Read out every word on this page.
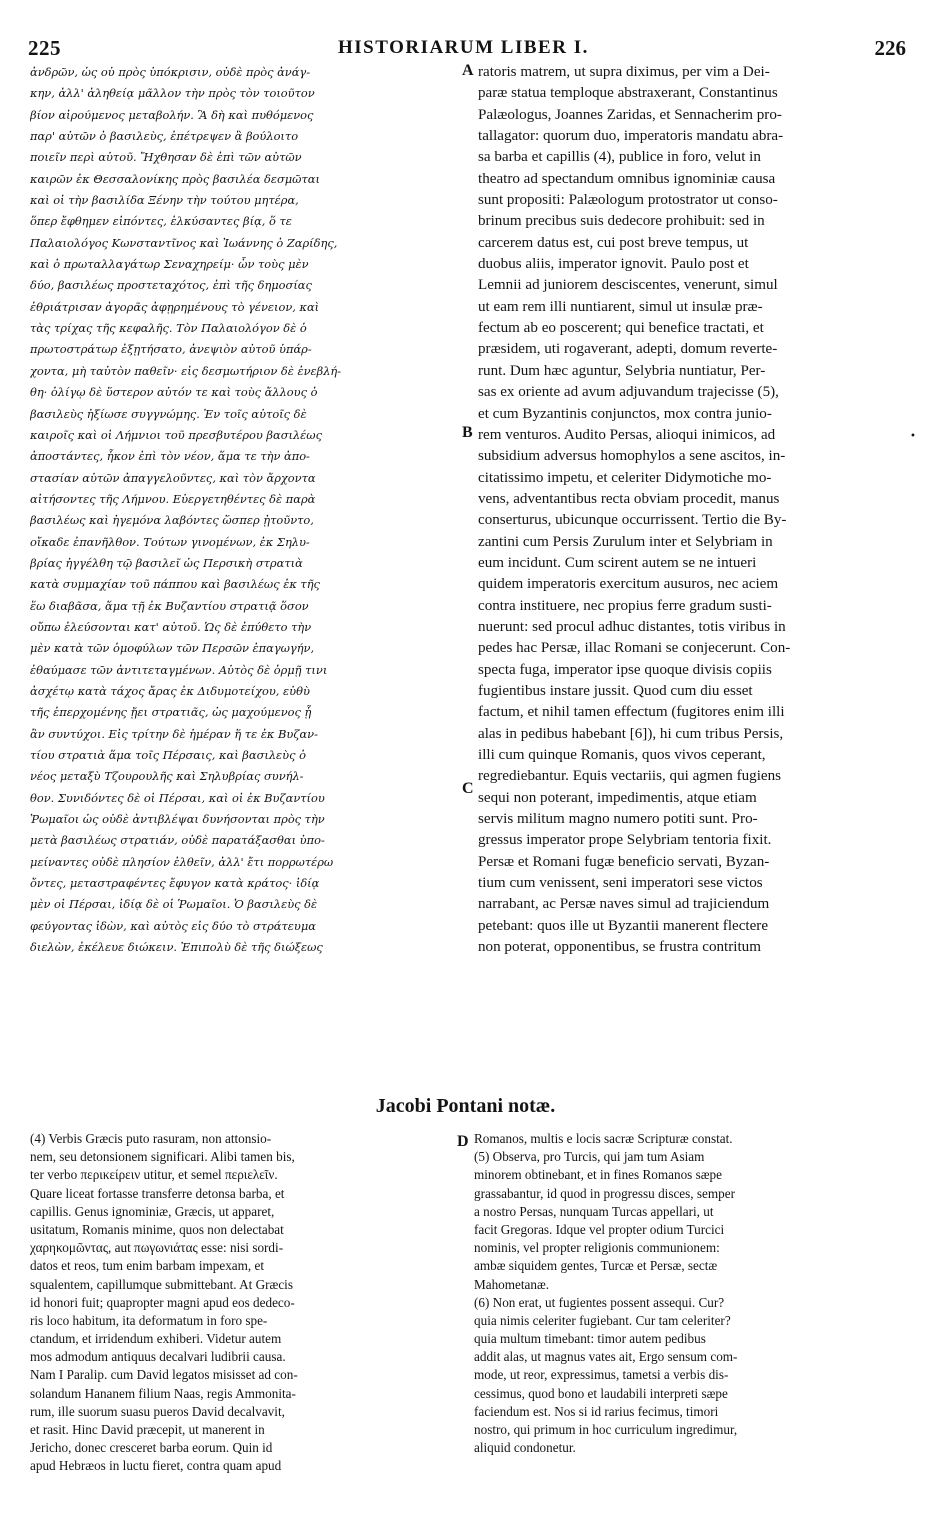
225	HISTORIARUM LIBER I.	226
ἀνδρῶν, ὡς οὐ πρὸς ὑπόκρισιν, οὐδὲ πρὸς ἀνάγ-
κην, ἀλλ' ἀληθείᾳ μᾶλλον τὴν πρὸς τὸν τοιοῦτον
βίον αἱρούμενος μεταβολήν. Ἃ δὴ καὶ πυθόμενος
παρ' αὐτῶν ὁ βασιλεὺς, ἐπέτρεψεν ἃ βούλοιτο
ποιεῖν περὶ αὐτοῦ. Ἤχθησαν δὲ ἐπὶ τῶν αὐτῶν
καιρῶν ἐκ Θεσσαλονίκης πρὸς βασιλέα δεσμῶται
καὶ οἱ τὴν βασιλίδα Ξένην τὴν τούτου μητέρα,
ὅπερ ἔφθημεν εἰπόντες, ἑλκύσαντες βίᾳ, ὅ τε
Παλαιολόγος Κωνσταντῖνος καὶ Ἰωάννης ὁ Ζαρίδης,
καὶ ὁ πρωταλλαγάτωρ Σεναχηρείμ· ὧν τοὺς μὲν
δύο, βασιλέως προστεταχότος, ἐπὶ τῆς δημοσίας
ἐθριάτρισαν ἀγορᾶς ἀφῃρημένους τὸ γένειον, καὶ
τὰς τρίχας τῆς κεφαλῆς. Τὸν Παλαιολόγον δὲ ὁ
πρωτοστράτωρ ἐξῃτήσατο, ἀνεψιὸν αὐτοῦ ὑπάρ-
χοντα, μὴ ταὐτὸν παθεῖν· εἰς δεσμωτήριον δὲ ἐνεβλή-
θη· ὀλίγῳ δὲ ὕστερον αὐτόν τε καὶ τοὺς ἄλλους ὁ
βασιλεὺς ἠξίωσε συγγνώμης. Ἐν τοῖς αὐτοῖς δὲ
καιροῖς καὶ οἱ Λήμνιοι τοῦ πρεσβυτέρου βασιλέως
ἀποστάντες, ἧκον ἐπὶ τὸν νέον, ἅμα τε τὴν ἀπο-
στασίαν αὐτῶν ἀπαγγελοῦντες, καὶ τὸν ἄρχοντα
αἰτήσοντες τῆς Λήμνου. Εὐεργετηθέντες δὲ παρὰ
βασιλέως καὶ ἡγεμόνα λαβόντες ὥσπερ ᾐτοῦντο,
οἴκαδε ἐπανῆλθον. Τούτων γινομένων, ἐκ Σηλυ-
βρίας ἠγγέλθη τῷ βασιλεῖ ὡς Περσικὴ στρατιὰ
κατὰ συμμαχίαν τοῦ πάππου καὶ βασιλέως ἐκ τῆς
ἕω διαβᾶσα, ἅμα τῇ ἐκ Βυζαντίου στρατιᾷ ὅσον
οὔπω ἐλεύσονται κατ' αὐτοῦ. Ὡς δὲ ἐπύθετο τὴν
μὲν κατὰ τῶν ὁμοφύλων τῶν Περσῶν ἐπαγωγήν,
ἐθαύμασε τῶν ἀντιτεταγμένων. Αὐτὸς δὲ ὁρμῇ τινι
ἀσχέτῳ κατὰ τάχος ἄρας ἐκ Διδυμοτείχου, εὐθὺ
τῆς ἐπερχομένης ᾔει στρατιᾶς, ὡς μαχούμενος ᾗ
ἂν συντύχοι. Εἰς τρίτην δὲ ἡμέραν ἥ τε ἐκ Βυζαν-
τίου στρατιὰ ἅμα τοῖς Πέρσαις, καὶ βασιλεὺς ὁ
νέος μεταξὺ Τζουρουλῆς καὶ Σηλυβρίας συνήλ-
θον. Συνιδόντες δὲ οἱ Πέρσαι, καὶ οἱ ἐκ Βυζαντίου
Ῥωμαῖοι ὡς οὐδὲ ἀντιβλέψαι δυνήσονται πρὸς τὴν
μετὰ βασιλέως στρατιάν, οὐδὲ παρατάξασθαι ὑπο-
μείναντες οὐδὲ πλησίον ἐλθεῖν, ἀλλ' ἔτι πορρωτέρω
ὄντες, μεταστραφέντες ἔφυγον κατὰ κράτος· ἰδίᾳ
μὲν οἱ Πέρσαι, ἰδίᾳ δὲ οἱ Ῥωμαῖοι. Ὁ βασιλεὺς δὲ
φεύγοντας ἰδὼν, καὶ αὐτὸς εἰς δύο τὸ στράτευμα
διελὼν, ἐκέλευε διώκειν. Ἐπιπολὺ δὲ τῆς διώξεως
ratoris matrem, ut supra diximus, per vim a Dei-
paræ statua temploque abstraxerant, Constantinus
Palæologus, Joannes Zaridas, et Sennacherim pro-
tallagator: quorum duo, imperatoris mandatu abra-
sa barba et capillis (4), publice in foro, velut in
theatro ad spectandum omnibus ignominiæ causa
sunt propositi: Palæologum protostrator ut conso-
brinum precibus suis dedecore prohibuit: sed in
carcerem datus est, cui post breve tempus, ut
duobus aliis, imperator ignovit. Paulo post et
Lemnii ad juniorem desciscentes, venerunt, simul
ut eam rem illi nuntiarent, simul ut insulæ præ-
fectum ab eo poscerent; qui benefice tractati, et
præsidem, uti rogaverant, adepti, domum reverte-
runt. Dum hæc aguntur, Selybria nuntiatur, Per-
sas ex oriente ad avum adjuvandum trajecisse (5),
et cum Byzantinis conjunctos, mox contra junio-
rem venturos. Audito Persas, alioqui inimicos, ad
subsidium adversus homophylos a sene ascitos, in-
citatissimo impetu, et celeriter Didymotiche mo-
vens, adventantibus recta obviam procedit, manus
conserturus, ubicunque occurrissent. Tertio die By-
zantini cum Persis Zurulum inter et Selybriam in
eum incidunt. Cum scirent autem se ne intueri
quidem imperatoris exercitum ausuros, nec aciem
contra instituere, nec propius ferre gradum susti-
nuerunt: sed procul adhuc distantes, totis viribus in
pedes hac Persæ, illac Romani se conjecerunt. Con-
specta fuga, imperator ipse quoque divisis copiis
fugientibus instare jussit. Quod cum diu esset
factum, et nihil tamen effectum (fugitores enim illi
alas in pedibus habebant [6]), hi cum tribus Persis,
illi cum quinque Romanis, quos vivos ceperant,
regrediebantur. Equis vectariis, qui agmen fugiens
sequi non poterant, impedimentis, atque etiam
servis militum magno numero potiti sunt. Pro-
gressus imperator prope Selybriam tentoria fixit.
Persæ et Romani fugæ beneficio servati, Byzan-
tium cum venissent, seni imperatori sese victos
narrabant, ac Persæ naves simul ad trajiciendum
petebant: quos ille ut Byzantii manerent flectere
non poterat, opponentibus, se frustra contritum
A
B
C
D
•
Jacobi Pontani notæ.
(4) Verbis Græcis puto rasuram, non attonsio-
nem, seu detonsionem significari. Alibi tamen bis,
ter verbo περικείρειν utitur, et semel περιελεῖν.
Quare liceat fortasse transferre detonsa barba, et
capillis. Genus ignominiæ, Græcis, ut apparet,
usitatum, Romanis minime, quos non delectabat
χαρηκομῶντας, aut πωγωνιάτας esse: nisi sordi-
datos et reos, tum enim barbam impexam, et
squalentem, capillumque submittebant. At Græcis
id honori fuit; quapropter magni apud eos dedeco-
ris loco habitum, ita deformatum in foro spe-
ctandum, et irridendum exhiberi. Videtur autem
mos admodum antiquus decalvari ludibrii causa.
Nam I Paralip. cum David legatos misisset ad con-
solandum Hananem filium Naas, regis Ammonita-
rum, ille suorum suasu pueros David decalvavit,
et rasit. Hinc David præcepit, ut manerent in
Jericho, donec cresceret barba eorum. Quin id
apud Hebræos in luctu fieret, contra quam apud
Romanos, multis e locis sacræ Scripturæ constat.
(5) Observa, pro Turcis, qui jam tum Asiam
minorem obtinebant, et in fines Romanos sæpe
grassabantur, id quod in progressu disces, semper
a nostro Persas, nunquam Turcas appellari, ut
facit Gregoras. Idque vel propter odium Turcici
nominis, vel propter religionis communionem:
ambæ siquidem gentes, Turcæ et Persæ, sectæ
Mahometanæ.
(6) Non erat, ut fugientes possent assequi. Cur?
quia nimis celeriter fugiebant. Cur tam celeriter?
quia multum timebant: timor autem pedibus
addit alas, ut magnus vates ait, Ergo sensum com-
mode, ut reor, expressimus, tametsi a verbis dis-
cessimus, quod bono et laudabili interpreti sæpe
faciendum est. Nos si id rarius fecimus, timori
nostro, qui primum in hoc curriculum ingredimur,
aliquid condonetur.
